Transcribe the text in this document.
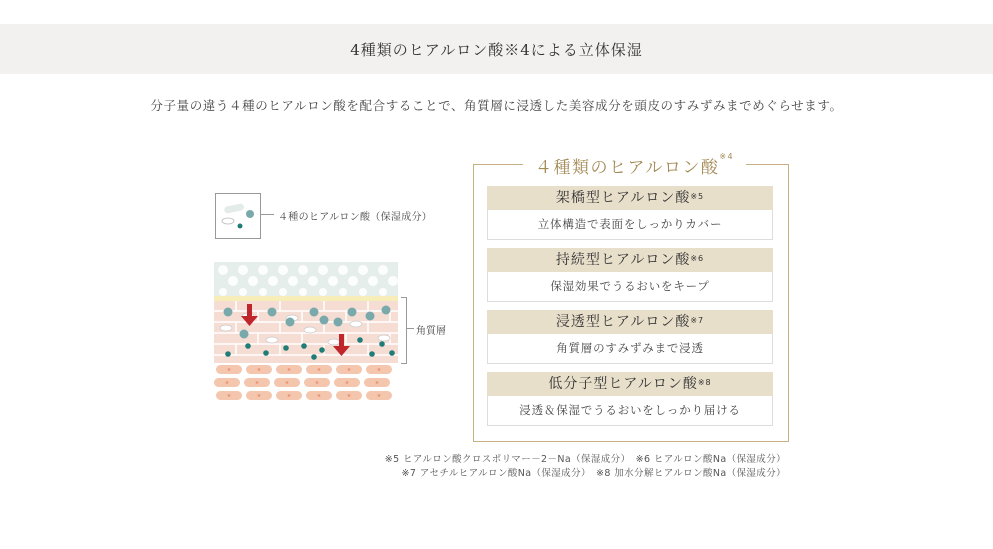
4種類のヒアルロン酸※4による立体保湿
分子量の違う４種のヒアルロン酸を配合することで、角質層に浸透した美容成分を頭皮のすみずみまでめぐらせます。
４種のヒアルロン酸（保湿成分）
角質層
４種類のヒアルロン酸$^{※4}$
架橋型ヒアルロン酸$^{※5}$
立体構造で表面をしっかりカバー
持続型ヒアルロン酸$^{※6}$
保湿効果でうるおいをキープ
浸透型ヒアルロン酸$^{※7}$
角質層のすみずみまで浸透
低分子型ヒアルロン酸$^{※8}$
浸透＆保湿でうるおいをしっかり届ける
※5 ヒアルロン酸クロスポリマー－2－Na（保湿成分）　※6 ヒアルロン酸Na（保湿成分）
※7 アセチルヒアルロン酸Na（保湿成分）　※8 加水分解ヒアルロン酸Na（保湿成分）
